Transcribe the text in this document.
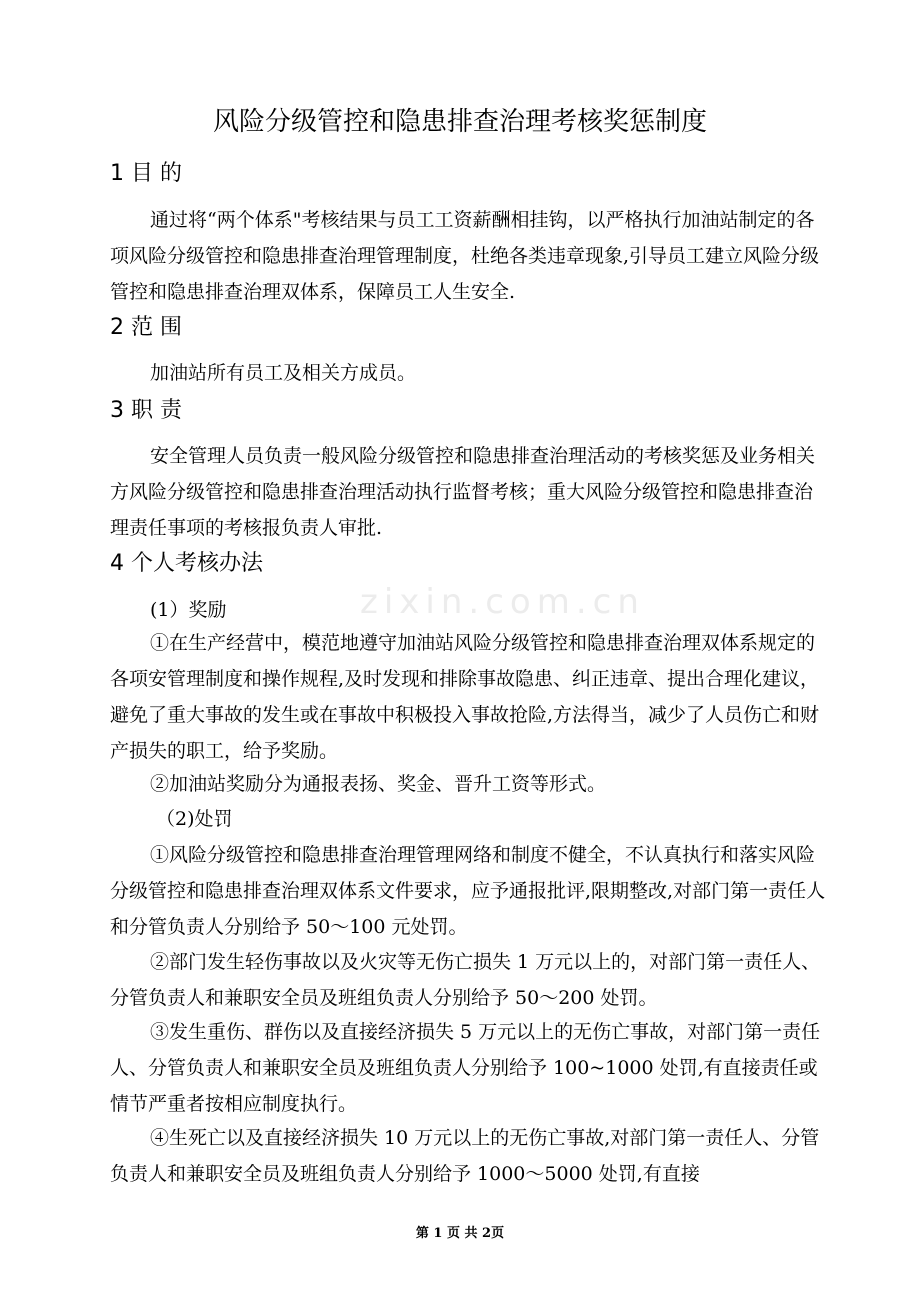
zixin.com.cn
风险分级管控和隐患排查治理考核奖惩制度
1 目 的
通过将“两个体系"考核结果与员工工资薪酬相挂钩，以严格执行加油站制定的各项风险分级管控和隐患排查治理管理制度，杜绝各类违章现象,引导员工建立风险分级管控和隐患排查治理双体系，保障员工人生安全.
2 范 围
加油站所有员工及相关方成员。
3 职 责
安全管理人员负责一般风险分级管控和隐患排查治理活动的考核奖惩及业务相关方风险分级管控和隐患排查治理活动执行监督考核；重大风险分级管控和隐患排查治理责任事项的考核报负责人审批.
4 个人考核办法
(1）奖励
①在生产经营中，模范地遵守加油站风险分级管控和隐患排查治理双体系规定的各项安管理制度和操作规程,及时发现和排除事故隐患、纠正违章、提出合理化建议，避免了重大事故的发生或在事故中积极投入事故抢险,方法得当，减少了人员伤亡和财产损失的职工，给予奖励。
②加油站奖励分为通报表扬、奖金、晋升工资等形式。
（2)处罚
①风险分级管控和隐患排查治理管理网络和制度不健全，不认真执行和落实风险分级管控和隐患排查治理双体系文件要求，应予通报批评,限期整改,对部门第一责任人和分管负责人分别给予 50～100 元处罚。
②部门发生轻伤事故以及火灾等无伤亡损失 1 万元以上的，对部门第一责任人、分管负责人和兼职安全员及班组负责人分别给予 50～200 处罚。
③发生重伤、群伤以及直接经济损失 5 万元以上的无伤亡事故，对部门第一责任人、分管负责人和兼职安全员及班组负责人分别给予 100~1000 处罚,有直接责任或情节严重者按相应制度执行。
④生死亡以及直接经济损失 10 万元以上的无伤亡事故,对部门第一责任人、分管负责人和兼职安全员及班组负责人分别给予 1000～5000 处罚,有直接
第 1 页 共 2页
